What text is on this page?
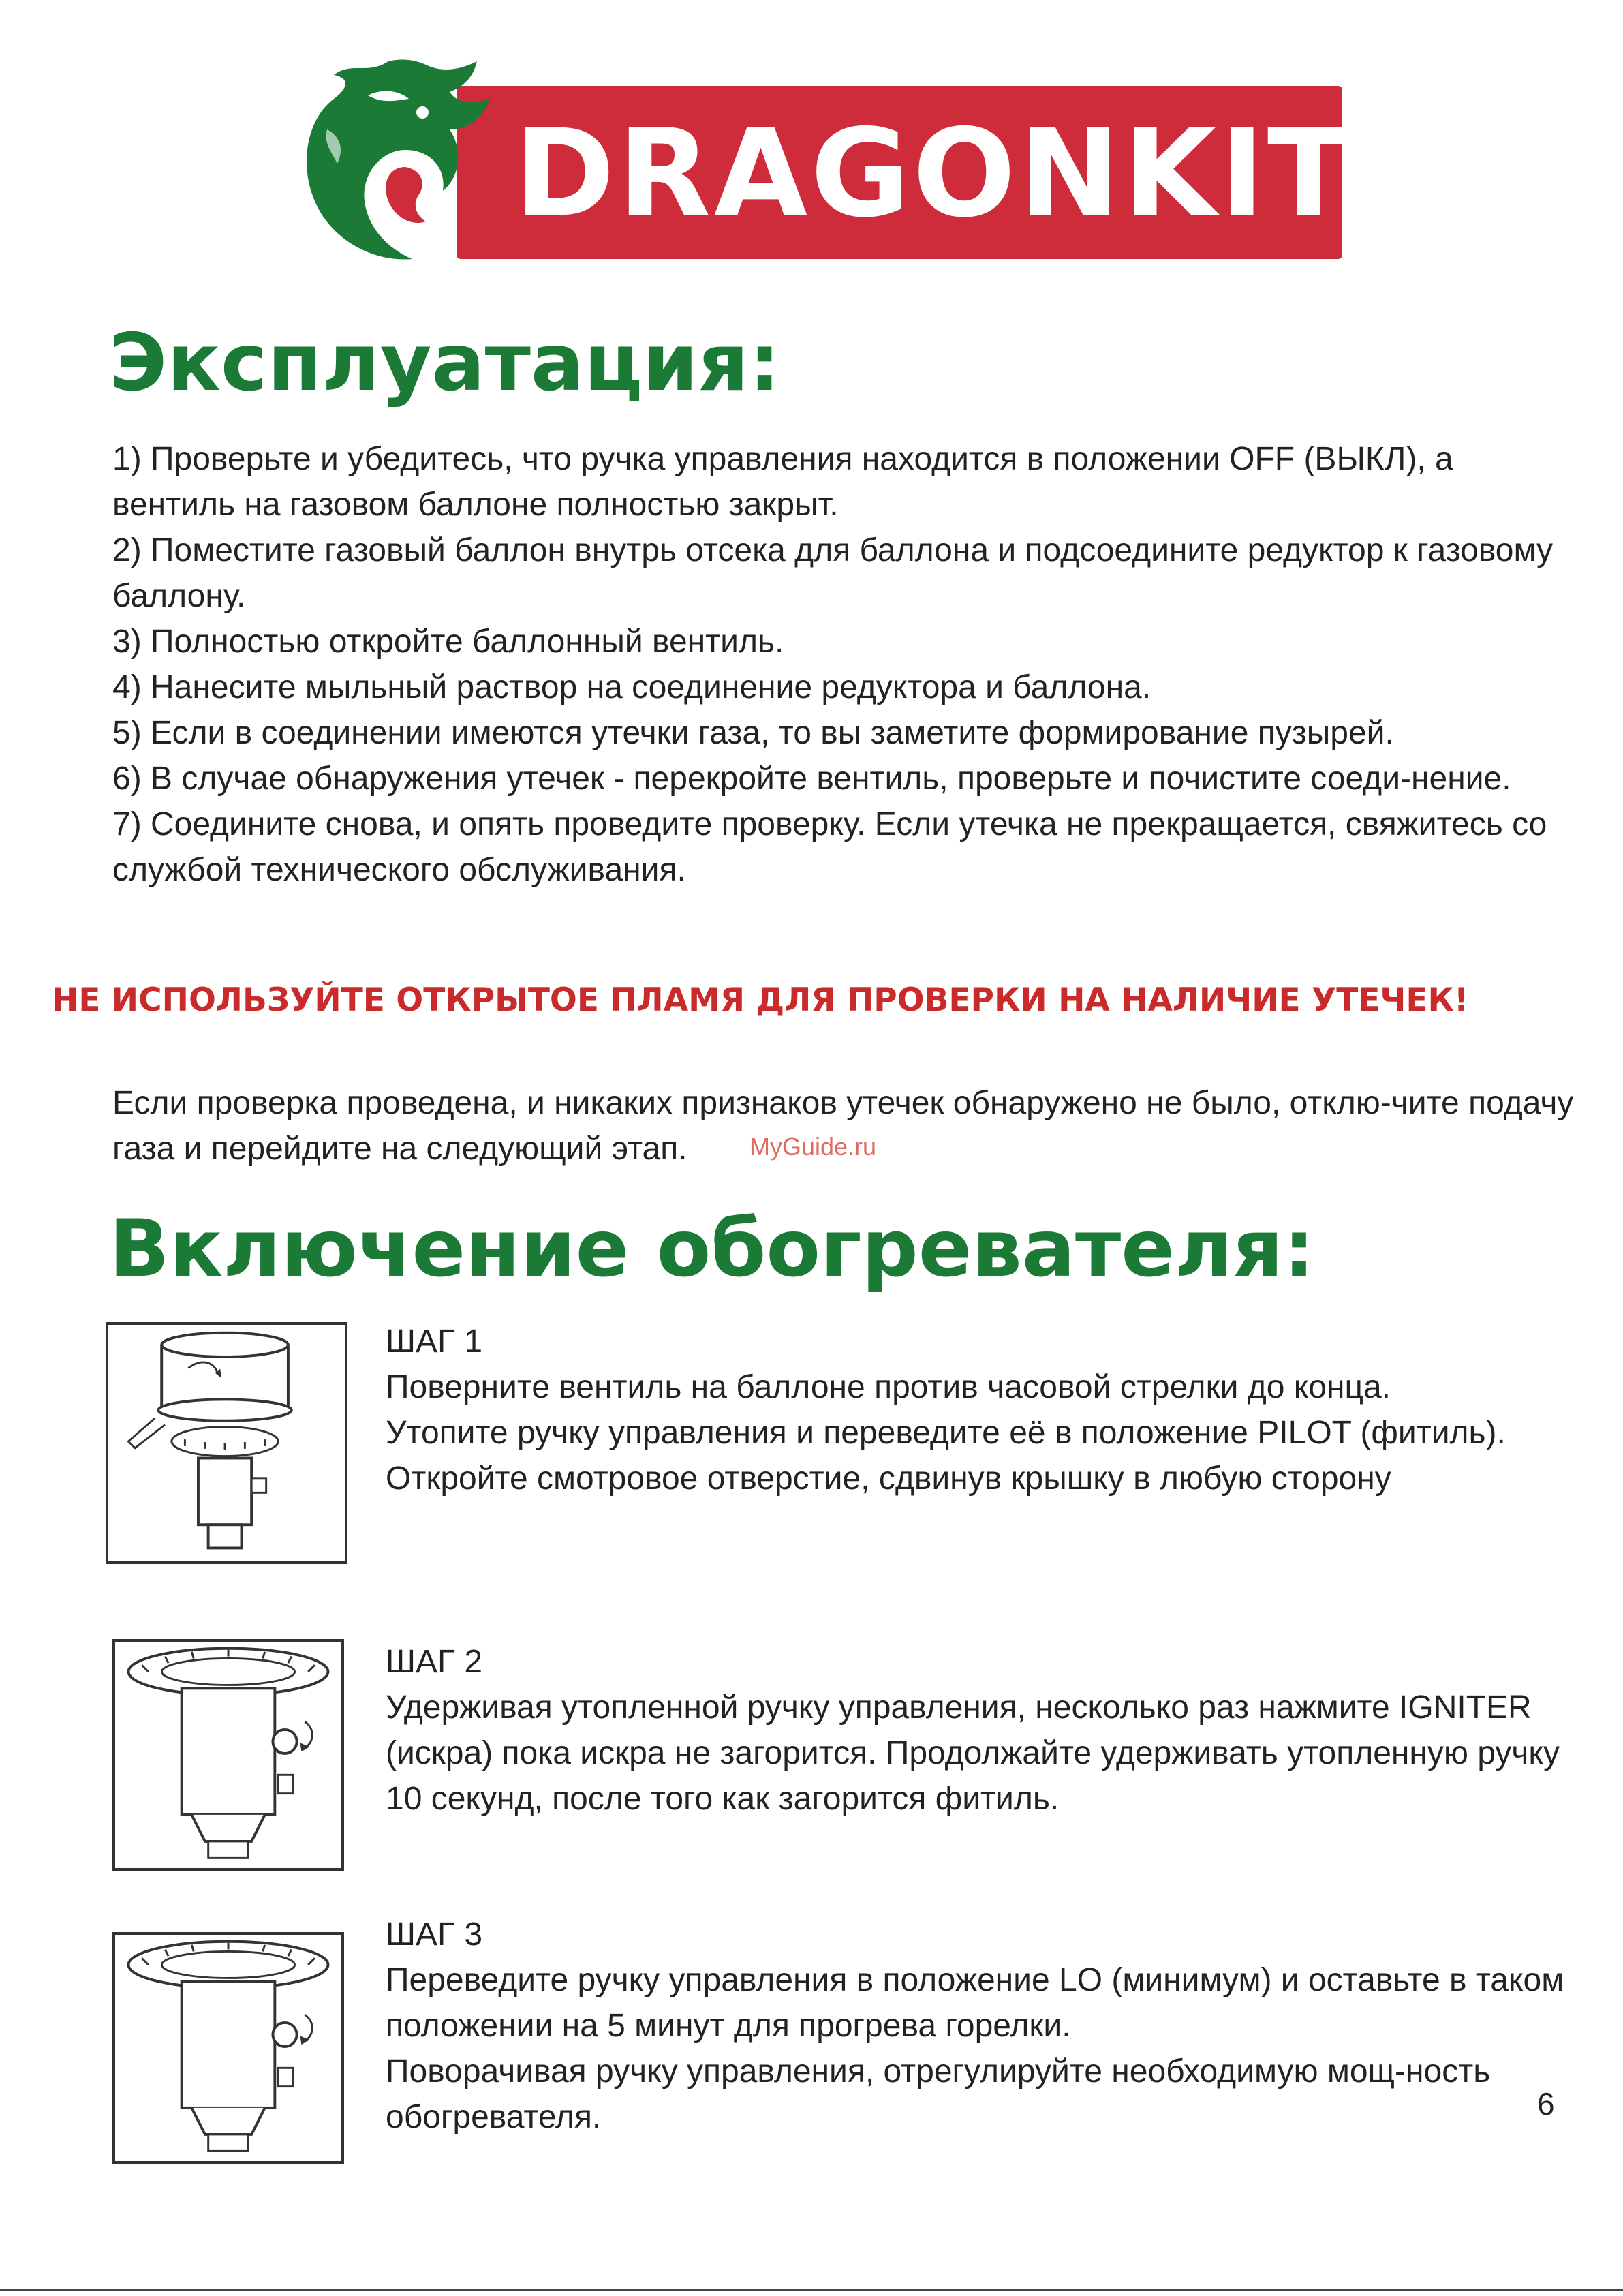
DRAGONKIT
Эксплуатация:

1) Проверьте и убедитесь, что ручка управления находится в положении OFF (ВЫКЛ), а вентиль на газовом баллоне полностью закрыт.

2) Поместите газовый баллон внутрь отсека для баллона и подсоедините редуктор к газовому баллону.

3) Полностью откройте баллонный вентиль.

4) Нанесите мыльный раствор на соединение редуктора и баллона.

5) Если в соединении имеются утечки газа, то вы заметите формирование пузырей.

6) В случае обнаружения утечек - перекройте вентиль, проверьте и почистите соеди-нение.

7) Соедините снова, и опять проведите проверку. Если утечка не прекращается, свяжитесь со службой технического обслуживания.

НЕ ИСПОЛЬЗУЙТЕ ОТКРЫТОЕ ПЛАМЯ ДЛЯ ПРОВЕРКИ НА НАЛИЧИЕ УТЕЧЕК!

Если проверка проведена, и никаких признаков утечек обнаружено не было, отклю-чите подачу газа и перейдите на следующий этап.	MyGuide.ru
Включение обогревателя:

ШАГ 1

Поверните вентиль на баллоне против часовой стрелки до конца.

Утопите ручку управления и переведите её в положение PILOT (фитиль).

Откройте смотровое отверстие, сдвинув крышку в любую сторону

ШАГ 2

Удерживая утопленной ручку управления, несколько раз нажмите IGNITER (искра) пока искра не загорится. Продолжайте удерживать утопленную ручку 10 секунд, после того как загорится фитиль.

ШАГ 3

Переведите ручку управления в положение LO (минимум) и оставьте в таком положении на 5 минут для прогрева горелки.

Поворачивая ручку управления, отрегулируйте необходимую мощ-ность обогревателя.	6
